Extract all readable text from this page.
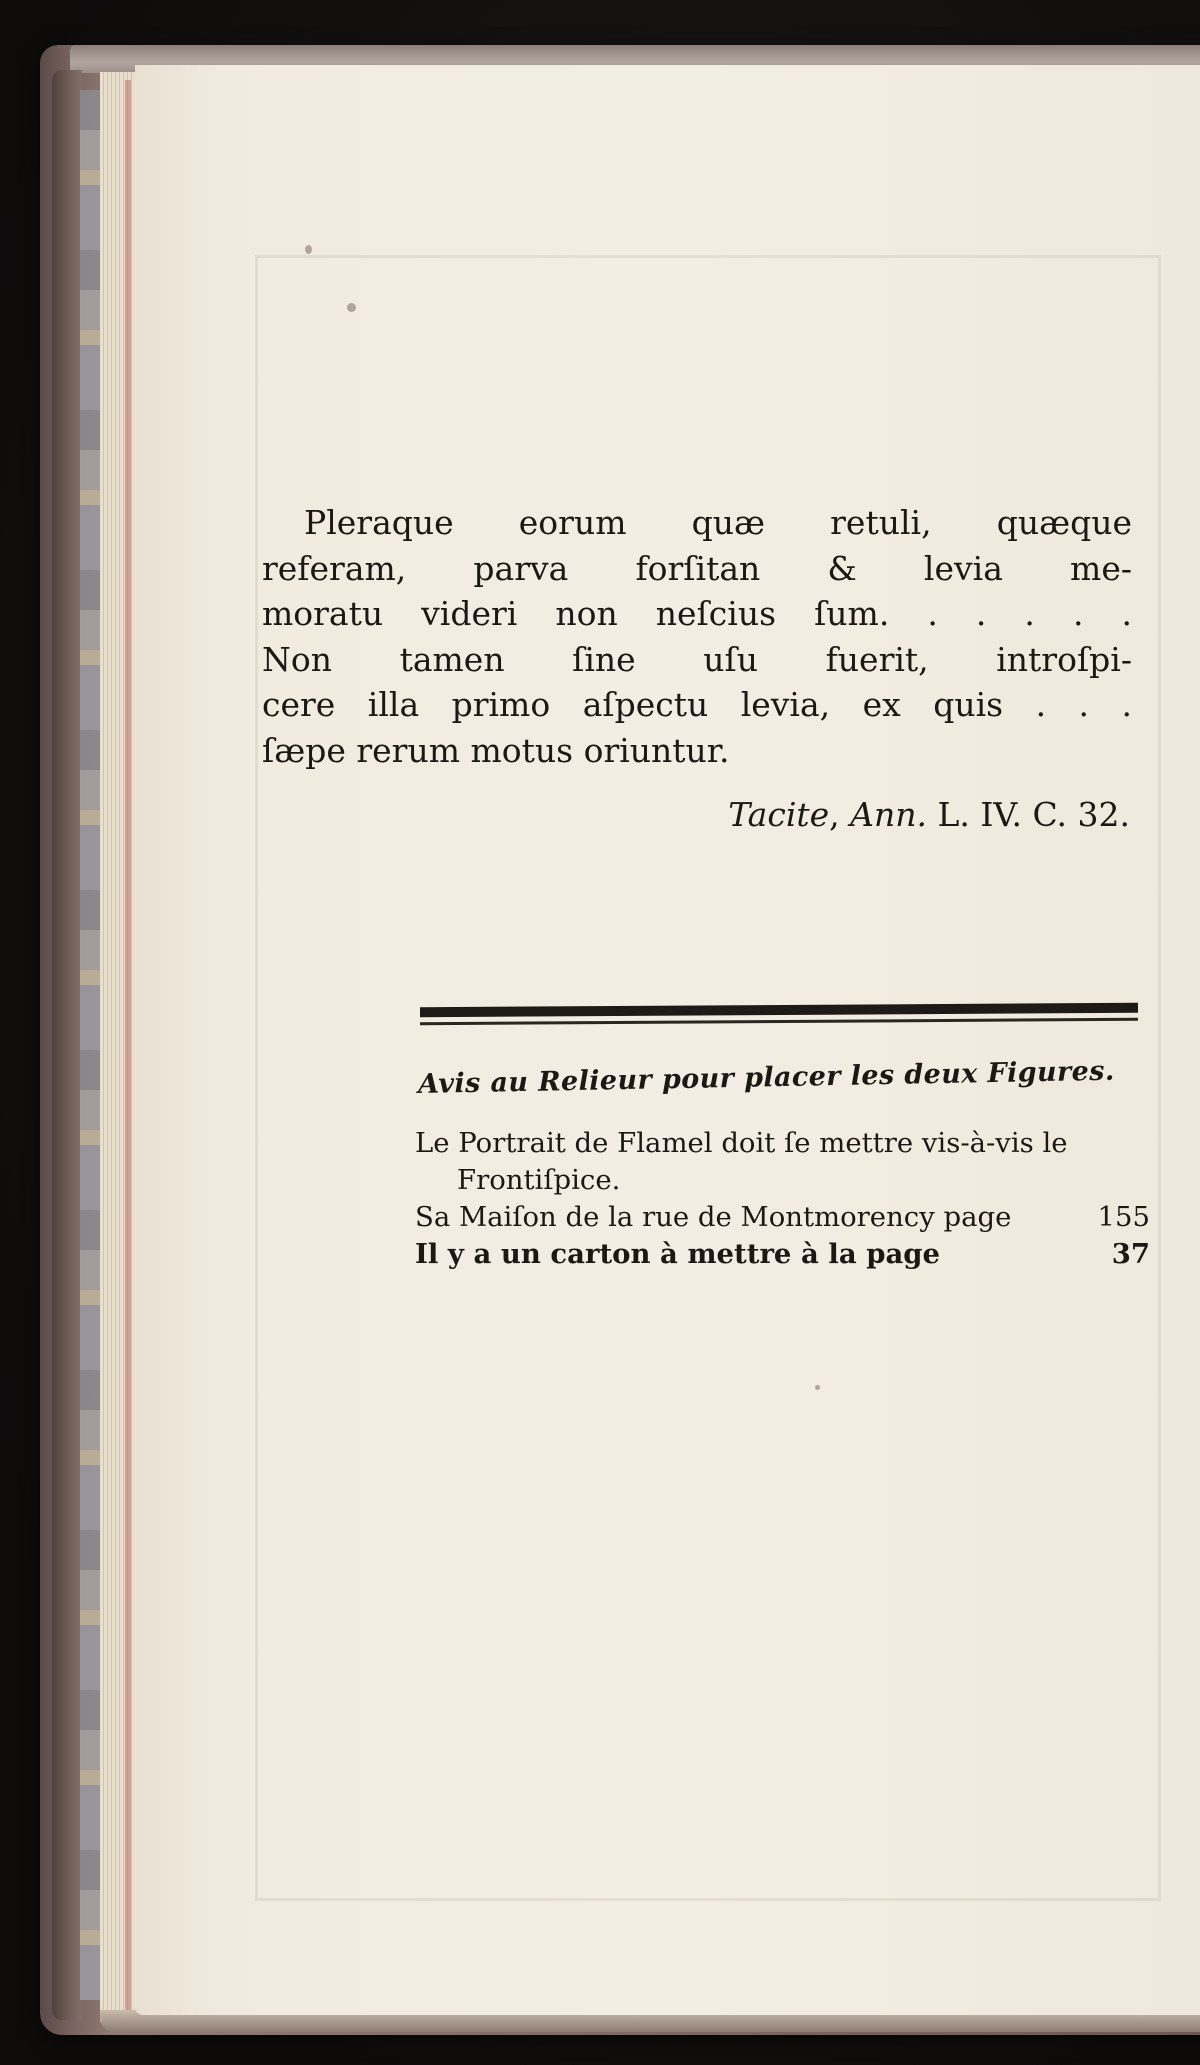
Pleraque eorum quæ retuli, quæque
referam, parva forſitan & levia me-
moratu videri non neſcius ſum. . . . . .
Non tamen ſine uſu fuerit, introſpi-
cere illa primo aſpectu levia, ex quis . . .
ſæpe rerum motus oriuntur.
Tacite, Ann. L. IV. C. 32.
Avis au Relieur pour placer les deux Figures.
Le Portrait de Flamel doit ſe mettre vis-à-vis le
Frontiſpice.
Sa Maiſon de la rue de Montmorency page	155
Il y a un carton à mettre à la page	37
